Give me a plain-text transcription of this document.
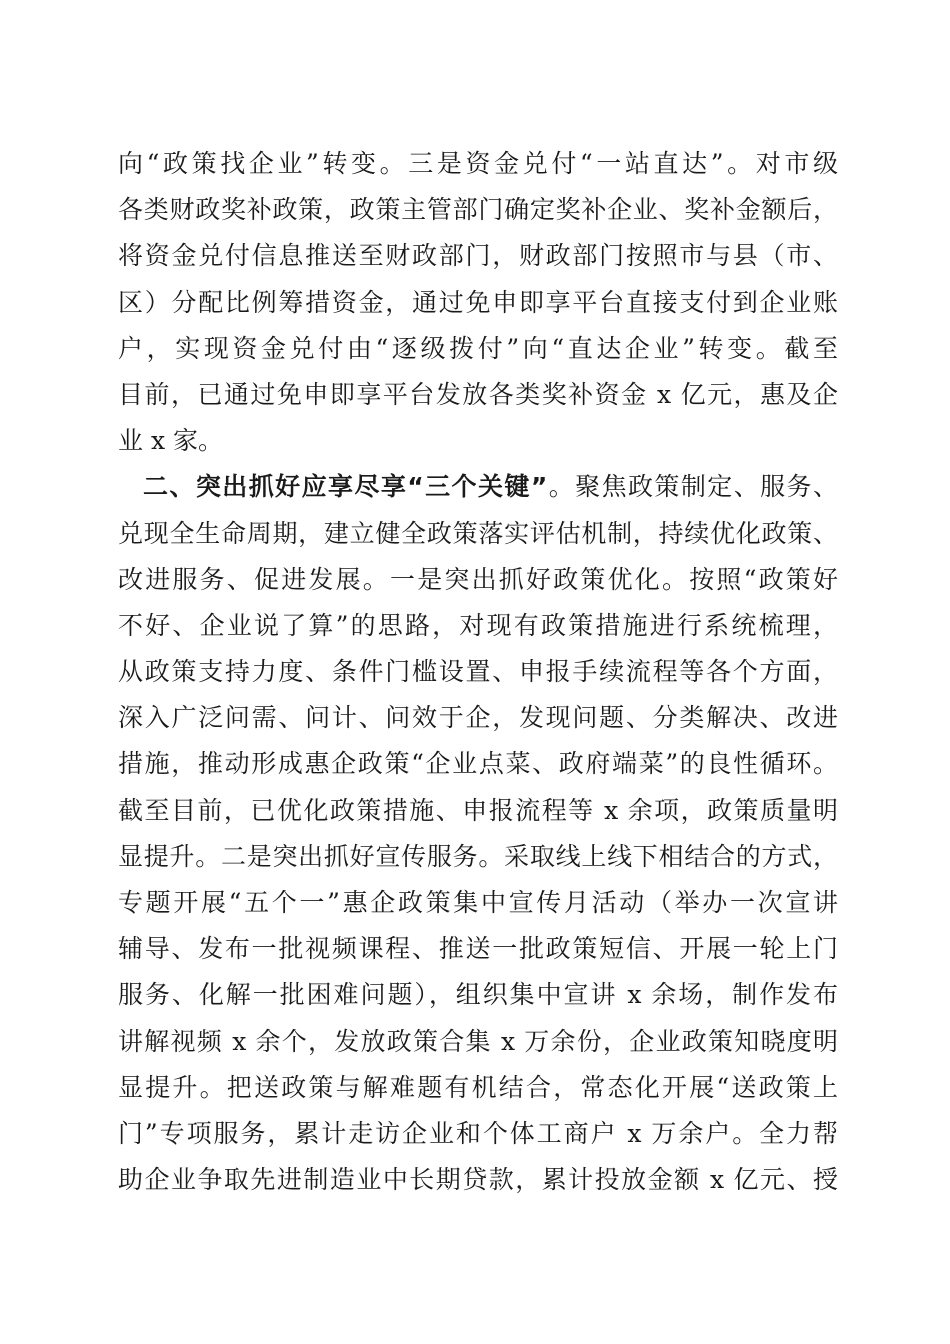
向“政策找企业”转变。三是资金兑付“一站直达”。对市级
各类财政奖补政策，政策主管部门确定奖补企业、奖补金额后，
将资金兑付信息推送至财政部门，财政部门按照市与县（市、
区）分配比例筹措资金，通过免申即享平台直接支付到企业账
户，实现资金兑付由“逐级拨付”向“直达企业”转变。截至
目前，已通过免申即享平台发放各类奖补资金 x 亿元，惠及企
业 x 家。
二、突出抓好应享尽享“三个关键”。聚焦政策制定、服务、
兑现全生命周期，建立健全政策落实评估机制，持续优化政策、
改进服务、促进发展。一是突出抓好政策优化。按照“政策好
不好、企业说了算”的思路，对现有政策措施进行系统梳理，
从政策支持力度、条件门槛设置、申报手续流程等各个方面，
深入广泛问需、问计、问效于企，发现问题、分类解决、改进
措施，推动形成惠企政策“企业点菜、政府端菜”的良性循环。
截至目前，已优化政策措施、申报流程等 x 余项，政策质量明
显提升。二是突出抓好宣传服务。采取线上线下相结合的方式，
专题开展“五个一”惠企政策集中宣传月活动（举办一次宣讲
辅导、发布一批视频课程、推送一批政策短信、开展一轮上门
服务、化解一批困难问题），组织集中宣讲 x 余场，制作发布
讲解视频 x 余个，发放政策合集 x 万余份，企业政策知晓度明
显提升。把送政策与解难题有机结合，常态化开展“送政策上
门”专项服务，累计走访企业和个体工商户 x 万余户。全力帮
助企业争取先进制造业中长期贷款，累计投放金额 x 亿元、授
